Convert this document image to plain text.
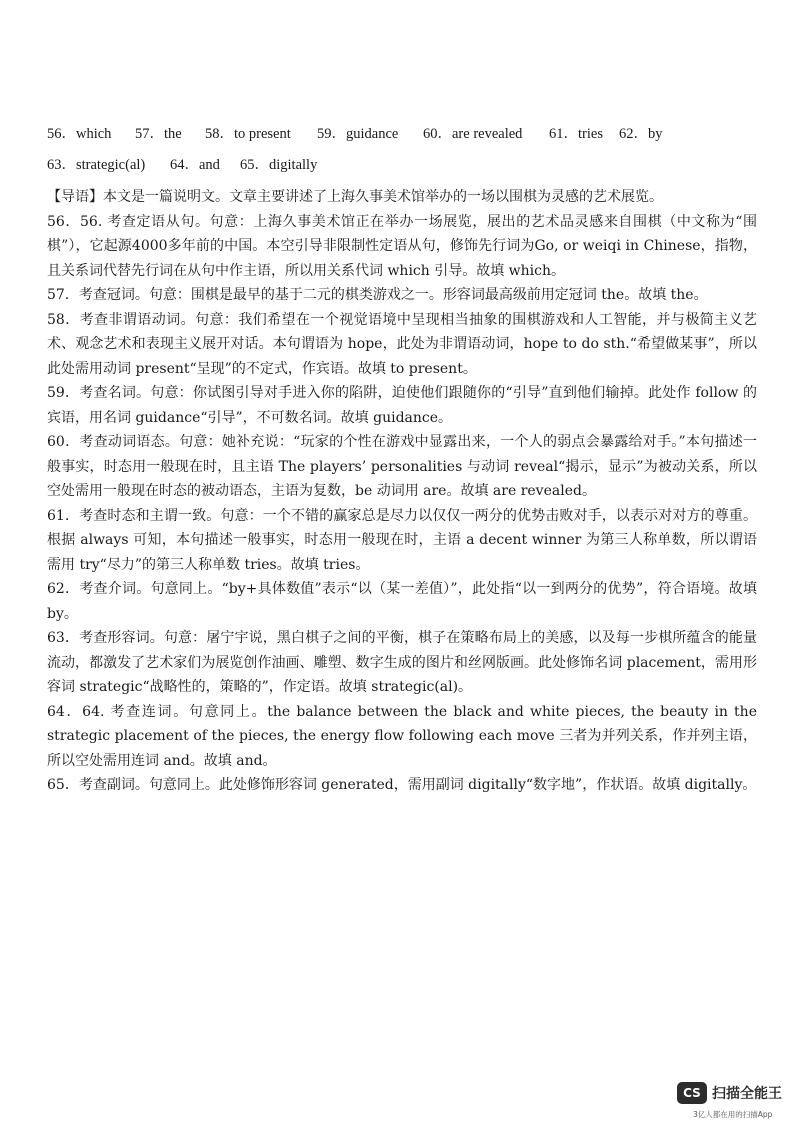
56．which 57．the 58．to present 59．guidance 60．are revealed 61．tries 62．by
63．strategic(al) 64．and 65．digitally

【导语】本文是一篇说明文。文章主要讲述了上海久事美术馆举办的一场以围棋为灵感的艺术展览。

56．56. 考查定语从句。句意：上海久事美术馆正在举办一场展览，展出的艺术品灵感来自围棋（中文称为“围棋”），它起源4000多年前的中国。本空引导非限制性定语从句，修饰先行词为Go, or weiqi in Chinese，指物，且关系词代替先行词在从句中作主语，所以用关系代词 which 引导。故填 which。

57．考查冠词。句意：围棋是最早的基于二元的棋类游戏之一。形容词最高级前用定冠词 the。故填 the。

58．考查非谓语动词。句意：我们希望在一个视觉语境中呈现相当抽象的围棋游戏和人工智能，并与极简主义艺术、观念艺术和表现主义展开对话。本句谓语为 hope，此处为非谓语动词，hope to do sth.“希望做某事”，所以此处需用动词 present“呈现”的不定式，作宾语。故填 to present。

59．考查名词。句意：你试图引导对手进入你的陷阱，迫使他们跟随你的“引导”直到他们输掉。此处作 follow 的宾语，用名词 guidance“引导”，不可数名词。故填 guidance。

60．考查动词语态。句意：她补充说：“玩家的个性在游戏中显露出来，一个人的弱点会暴露给对手。”本句描述一般事实，时态用一般现在时，且主语 The players’ personalities 与动词 reveal“揭示，显示”为被动关系，所以空处需用一般现在时态的被动语态，主语为复数，be 动词用 are。故填 are revealed。

61．考查时态和主谓一致。句意：一个不错的赢家总是尽力以仅仅一两分的优势击败对手，以表示对对方的尊重。根据 always 可知，本句描述一般事实，时态用一般现在时，主语 a decent winner 为第三人称单数，所以谓语需用 try“尽力”的第三人称单数 tries。故填 tries。

62．考查介词。句意同上。“by+具体数值”表示“以（某一差值）”，此处指“以一到两分的优势”，符合语境。故填 by。

63．考查形容词。句意：屠宁宇说，黑白棋子之间的平衡，棋子在策略布局上的美感，以及每一步棋所蕴含的能量流动，都激发了艺术家们为展览创作油画、雕塑、数字生成的图片和丝网版画。此处修饰名词 placement，需用形容词 strategic“战略性的，策略的”，作定语。故填 strategic(al)。

64．64. 考查连词。句意同上。the balance between the black and white pieces, the beauty in the strategic placement of the pieces, the energy flow following each move 三者为并列关系，作并列主语，所以空处需用连词 and。故填 and。

65．考查副词。句意同上。此处修饰形容词 generated，需用副词 digitally“数字地”，作状语。故填 digitally。

CS 扫描全能王
3亿人都在用的扫描App
